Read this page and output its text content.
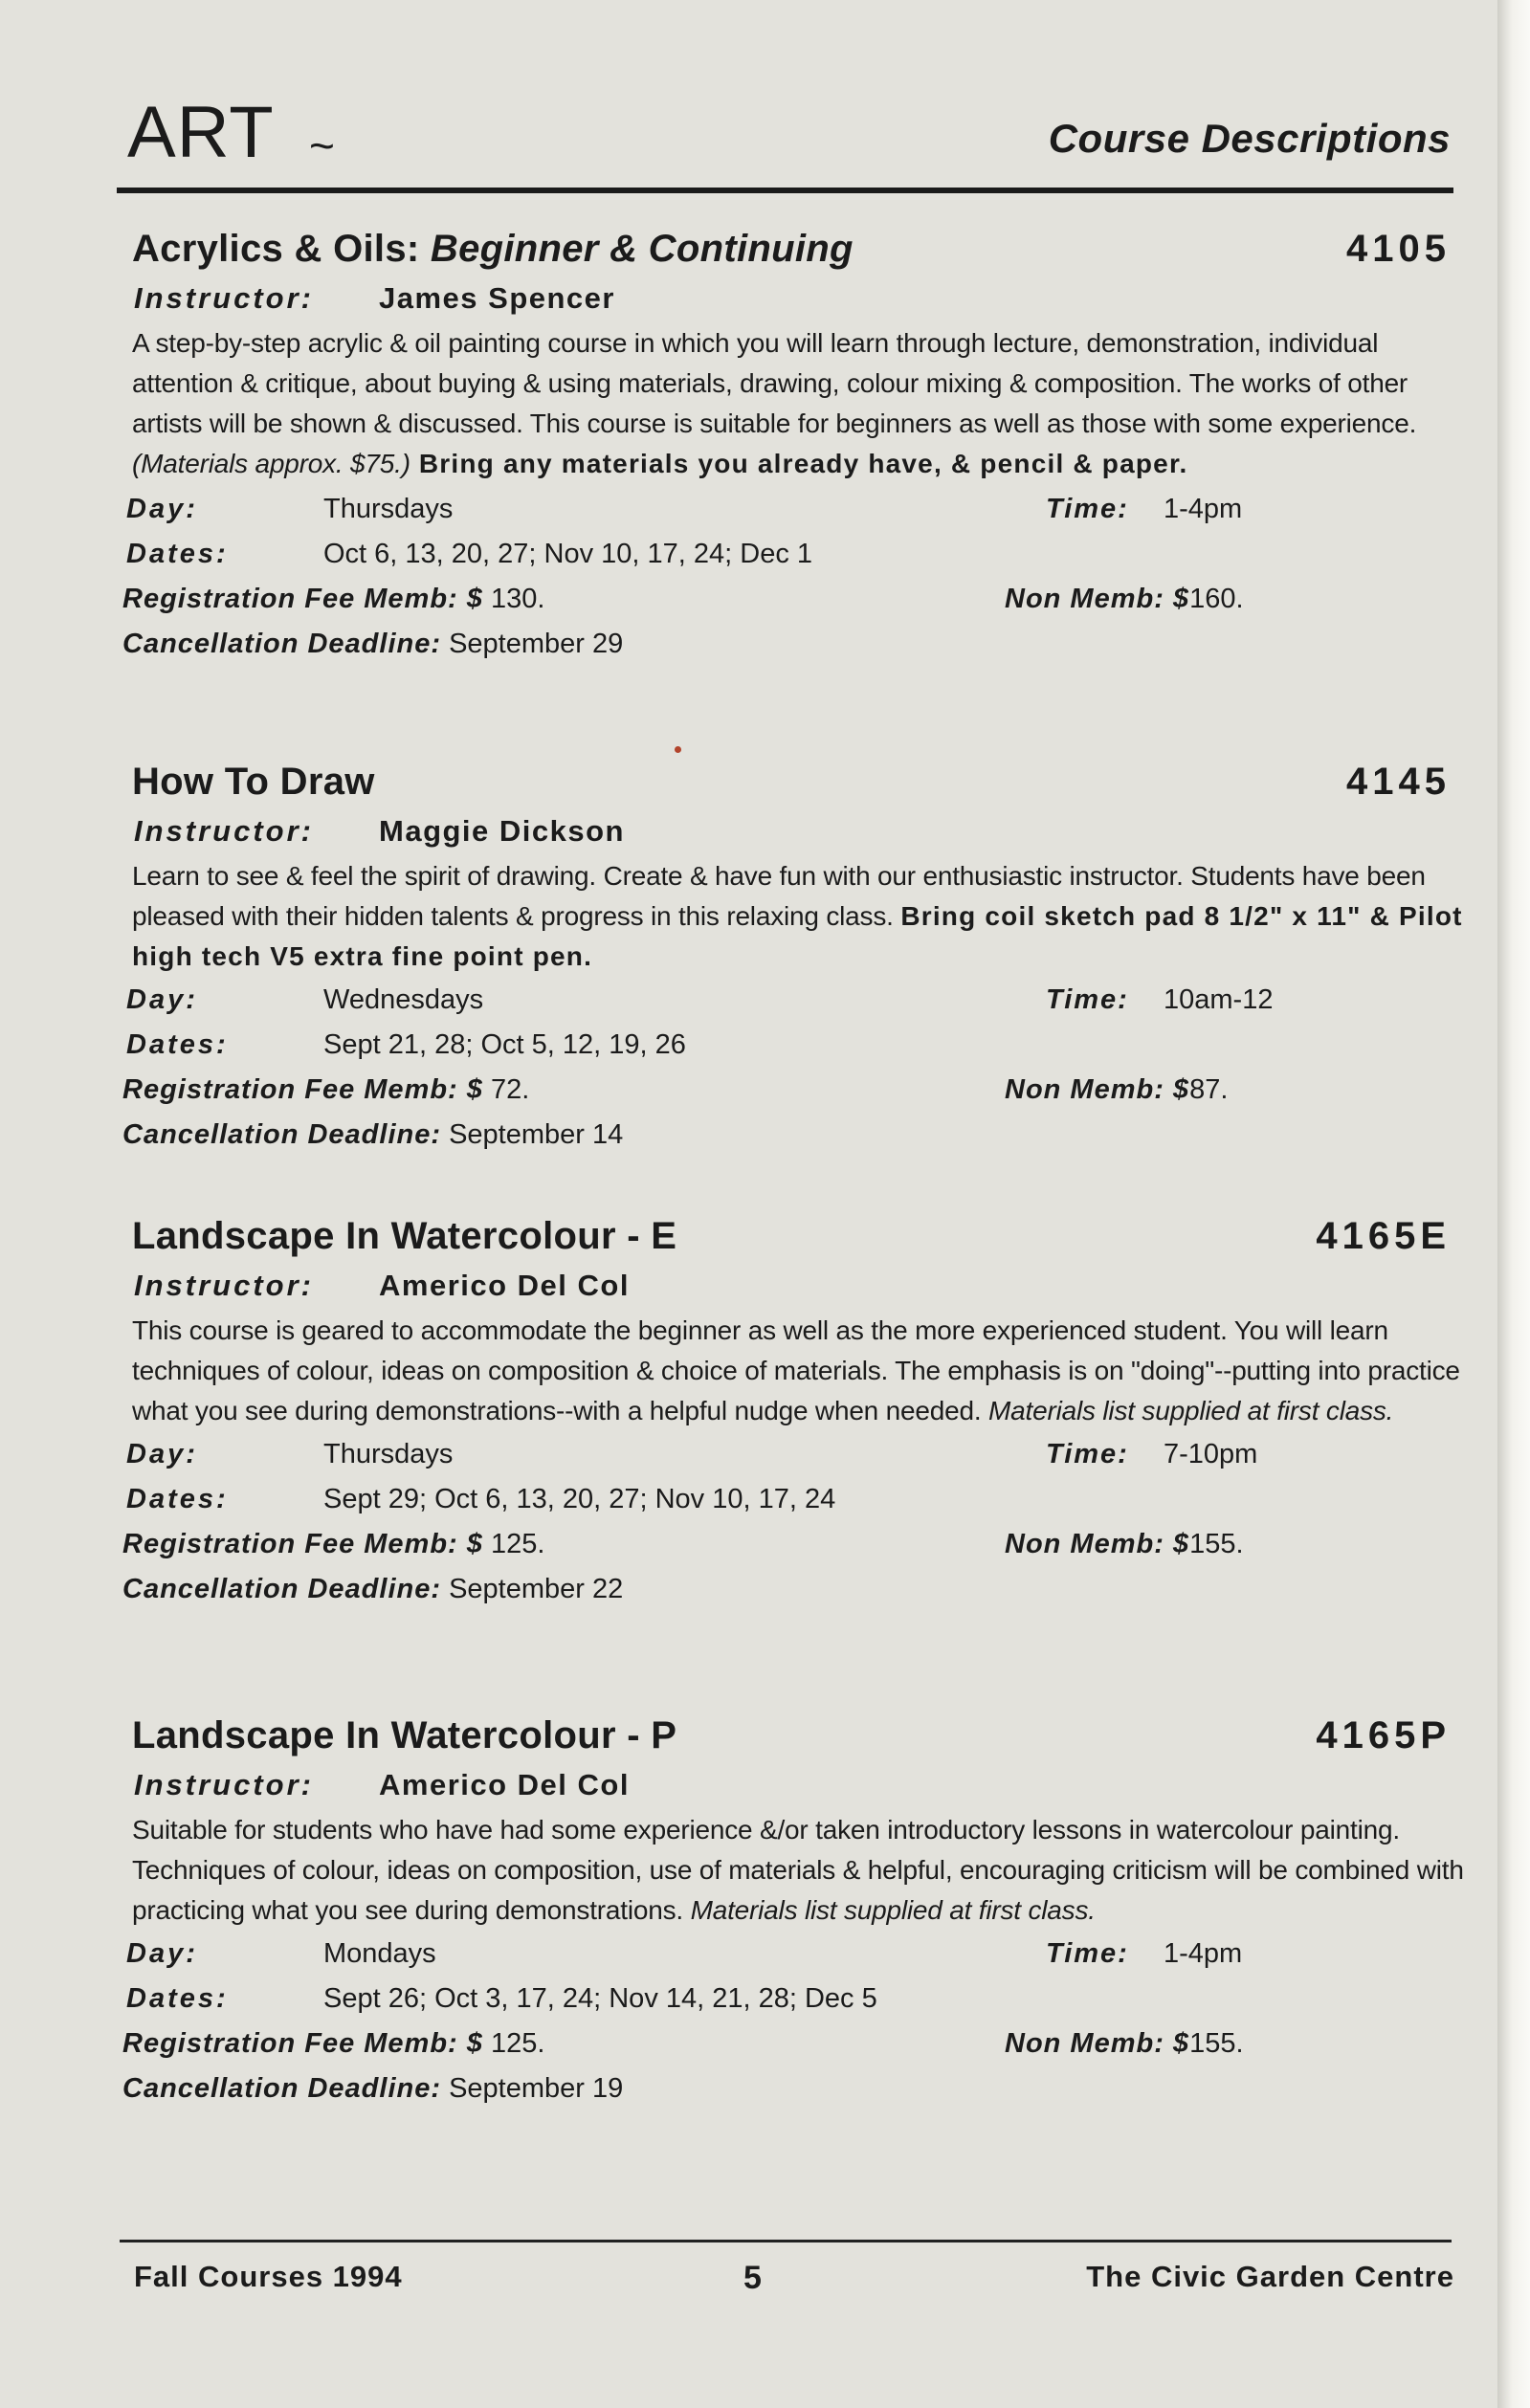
ART ~	Course Descriptions
Acrylics & Oils: Beginner & Continuing	4105
Instructor: James Spencer

A step-by-step acrylic & oil painting course in which you will learn through lecture, demonstration, individual attention & critique, about buying & using materials, drawing, colour mixing & composition. The works of other artists will be shown & discussed. This course is suitable for beginners as well as those with some experience. (Materials approx. $75.) Bring any materials you already have, & pencil & paper.

Day:	Thursdays	Time: 1-4pm
Dates:	Oct 6, 13, 20, 27; Nov 10, 17, 24; Dec 1
Registration Fee Memb: $ 130.	Non Memb: $160.
Cancellation Deadline: September 29
How To Draw	4145
Instructor: Maggie Dickson

Learn to see & feel the spirit of drawing. Create & have fun with our enthusiastic instructor. Students have been pleased with their hidden talents & progress in this relaxing class. Bring coil sketch pad 8 1/2" x 11" & Pilot high tech V5 extra fine point pen.

Day:	Wednesdays	Time: 10am-12
Dates:	Sept 21, 28; Oct 5, 12, 19, 26
Registration Fee Memb: $ 72.	Non Memb: $87.
Cancellation Deadline: September 14
Landscape In Watercolour - E	4165E
Instructor: Americo Del Col

This course is geared to accommodate the beginner as well as the more experienced student. You will learn techniques of colour, ideas on composition & choice of materials. The emphasis is on "doing"--putting into practice what you see during demonstrations--with a helpful nudge when needed. Materials list supplied at first class.

Day:	Thursdays	Time: 7-10pm
Dates:	Sept 29; Oct 6, 13, 20, 27; Nov 10, 17, 24
Registration Fee Memb: $ 125.	Non Memb: $155.
Cancellation Deadline: September 22
Landscape In Watercolour - P	4165P
Instructor: Americo Del Col

Suitable for students who have had some experience &/or taken introductory lessons in watercolour painting. Techniques of colour, ideas on composition, use of materials & helpful, encouraging criticism will be combined with practicing what you see during demonstrations. Materials list supplied at first class.

Day:	Mondays	Time: 1-4pm
Dates:	Sept 26; Oct 3, 17, 24; Nov 14, 21, 28; Dec 5
Registration Fee Memb: $ 125.	Non Memb: $155.
Cancellation Deadline: September 19
Fall Courses 1994	5	The Civic Garden Centre
